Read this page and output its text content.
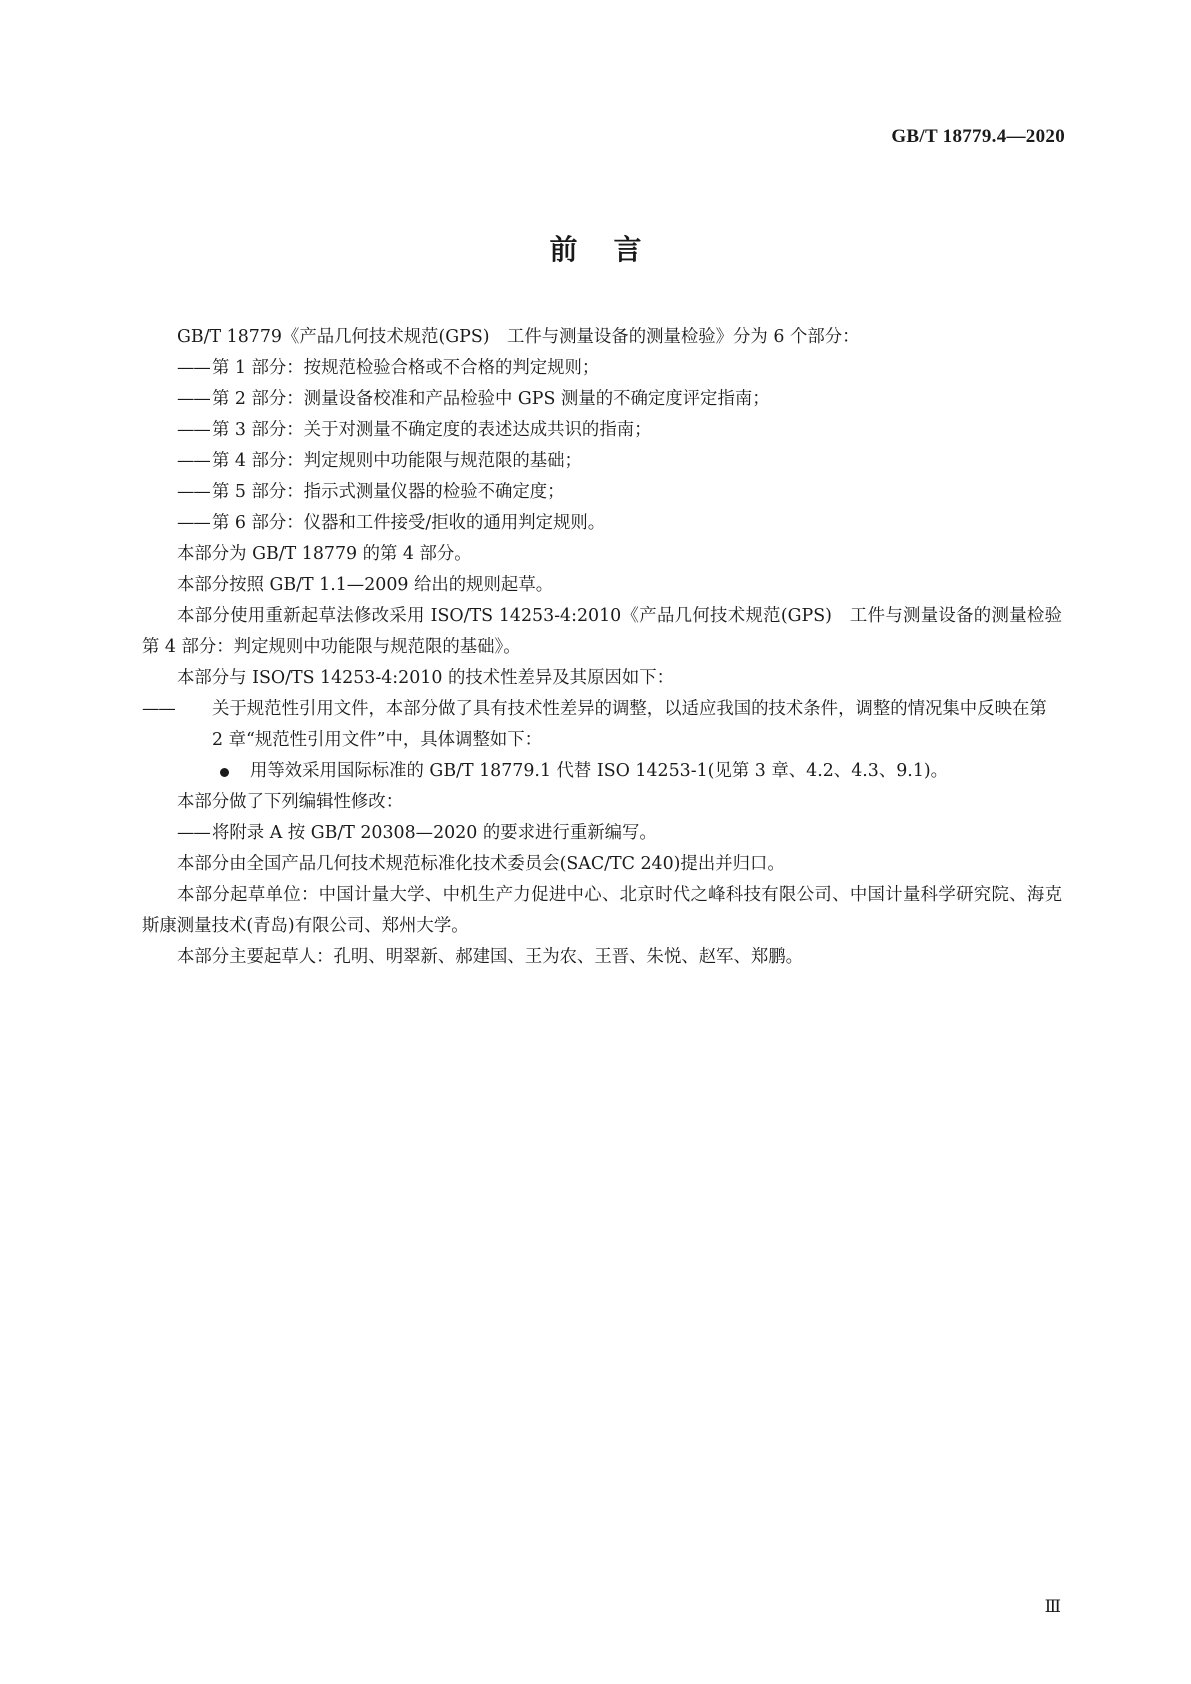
GB/T 18779.4—2020
前言

GB/T 18779《产品几何技术规范(GPS)　工件与测量设备的测量检验》分为 6 个部分：

—— 第 1 部分：按规范检验合格或不合格的判定规则；

—— 第 2 部分：测量设备校准和产品检验中 GPS 测量的不确定度评定指南；

—— 第 3 部分：关于对测量不确定度的表述达成共识的指南；

—— 第 4 部分：判定规则中功能限与规范限的基础；

—— 第 5 部分：指示式测量仪器的检验不确定度；

—— 第 6 部分：仪器和工件接受/拒收的通用判定规则。

本部分为 GB/T 18779 的第 4 部分。

本部分按照 GB/T 1.1—2009 给出的规则起草。

本部分使用重新起草法修改采用 ISO/TS 14253-4:2010《产品几何技术规范(GPS)　工件与测量设备的测量检验　第 4 部分：判定规则中功能限与规范限的基础》。

本部分与 ISO/TS 14253-4:2010 的技术性差异及其原因如下：

—— 关于规范性引用文件，本部分做了具有技术性差异的调整，以适应我国的技术条件，调整的情况集中反映在第 2 章“规范性引用文件”中，具体调整如下：

用等效采用国际标准的 GB/T 18779.1 代替 ISO 14253-1(见第 3 章、4.2、4.3、9.1)。

本部分做了下列编辑性修改：

—— 将附录 A 按 GB/T 20308—2020 的要求进行重新编写。

本部分由全国产品几何技术规范标准化技术委员会(SAC/TC 240)提出并归口。

本部分起草单位：中国计量大学、中机生产力促进中心、北京时代之峰科技有限公司、中国计量科学研究院、海克斯康测量技术(青岛)有限公司、郑州大学。

本部分主要起草人：孔明、明翠新、郝建国、王为农、王晋、朱悦、赵军、郑鹏。

Ⅲ
